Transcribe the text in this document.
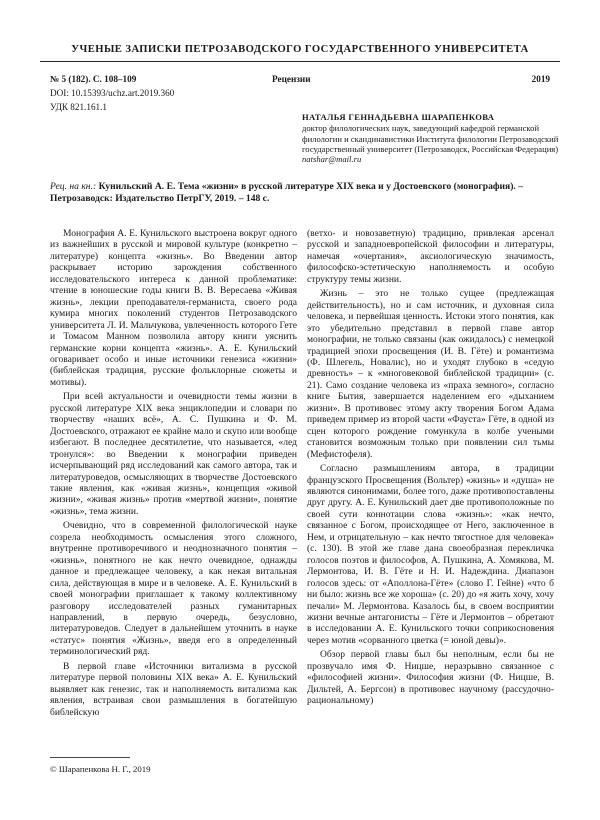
УЧЕНЫЕ ЗАПИСКИ ПЕТРОЗАВОДСКОГО ГОСУДАРСТВЕННОГО УНИВЕРСИТЕТА
№ 5 (182). С. 108–109	Рецензии	2019
DOI: 10.15393/uchz.art.2019.360
УДК 821.161.1
НАТАЛЬЯ ГЕННАДЬЕВНА ШАРАПЕНКОВА
доктор филологических наук, заведующий кафедрой германской филологии и скандинавистики Института филологии Петрозаводский государственный университет (Петрозаводск, Российская Федерация)
natshar@mail.ru
Рец. на кн.: Кунильский А. Е. Тема «жизни» в русской литературе XIX века и у Достоевского (монография). – Петрозаводск: Издательство ПетрГУ, 2019. – 148 с.

Монография А. Е. Кунильского выстроена вокруг одного из важнейших в русской и мировой культуре (конкретно – литературе) концепта «жизнь». Во Введении автор раскрывает историю зарождения собственного исследовательского интереса к данной проблематике: чтение в юношеские годы книги В. В. Вересаева «Живая жизнь», лекции преподавателя-германиста, своего рода кумира многих поколений студентов Петрозаводского университета Л. И. Мальчукова, увлеченность которого Гете и Томасом Манном позволила автору книги уяснить германские корни концепта «жизнь». А. Е. Кунильский оговаривает особо и иные источники генезиса «жизни» (библейская традиция, русские фольклорные сюжеты и мотивы).

При всей актуальности и очевидности темы жизни в русской литературе XIX века энциклопедии и словари по творчеству «наших всё», А. С. Пушкина и Ф. М. Достоевского, отражают ее крайне мало и скупо или вообще избегают. В последнее десятилетие, что называется, «лед тронулся»: во Введении к монографии приведен исчерпывающий ряд исследований как самого автора, так и литературоведов, осмысляющих в творчестве Достоевского такие явления, как «живая жизнь», концепция «живой жизни», «живая жизнь» против «мертвой жизни», понятие «жизнь», тема жизни.

Очевидно, что в современной филологической науке созрела необходимость осмысления этого сложного, внутренне противоречивого и неоднозначного понятия – «жизнь», понятного не как нечто очевидное, однажды данное и предлежащее человеку, а как некая витальная сила, действующая в мире и в человеке. А. Е. Кунильский в своей монографии приглашает к такому коллективному разговору исследователей разных гуманитарных направлений, в первую очередь, безусловно, литературоведов. Следует в дальнейшем уточнить в науке «статус» понятия «Жизнь», введя его в определенный терминологический ряд.

В первой главе «Источники витализма в русской литературе первой половины XIX века» А. Е. Кунильский выявляет как генезис, так и наполняемость витализма как явления, встраивая свои размышления в богатейшую библейскую

(ветхо- и новозаветную) традицию, привлекая арсенал русской и западноевропейской философии и литературы, намечая «очертания», аксиологическую значимость, философско-эстетическую наполняемость и особую структуру темы жизни.

Жизнь – это не только сущее (предлежащая действительность), но и сам источник, и духовная сила человека, и первейшая ценность. Истоки этого понятия, как это убедительно представил в первой главе автор монографии, не только связаны (как ожидалось) с немецкой традицией эпохи просвещения (И. В. Гёте) и романтизма (Ф. Шлегель, Новалис), но и уходят глубоко в «седую древность» – к «многовековой библейской традиции» (с. 21). Само создание человека из «праха земного», согласно книге Бытия, завершается наделением его «дыханием жизни». В противовес этому акту творения Богом Адама приведем пример из второй части «Фауста» Гёте, в одной из сцен которого рождение гомункула в колбе учеными становится возможным только при появлении сил тьмы (Мефистофеля).

Согласно размышлениям автора, в традиции французского Просвещения (Вольтер) «жизнь» и «душа» не являются синонимами, более того, даже противопоставлены друг другу. А. Е. Кунильский дает две противоположные по своей сути коннотации слова «жизнь»: «как нечто, связанное с Богом, происходящее от Него, заключенное в Нем, и отрицательную – как нечто тягостное для человека» (с. 130). В этой же главе дана своеобразная перекличка голосов поэтов и философов, А. Пушкина, А. Хомякова, М. Лермонтова, И. В. Гёте и Н. И. Надеждина. Диапазон голосов здесь: от «Аполлона-Гёте» (слово Г. Гейне) «что б ни было: жизнь все же хороша» (с. 20) до «я жить хочу, хочу печали» М. Лермонтова. Казалось бы, в своем восприятии жизни вечные антагонисты – Гёте и Лермонтов – обретают в исследовании А. Е. Кунильского точки соприкосновения через мотив «сорванного цветка (= юной девы)».

Обзор первой главы был бы неполным, если бы не прозвучало имя Ф. Ницше, неразрывно связанное с «философией жизни». Философия жизни (Ф. Ницше, В. Дильтей, А. Бергсон) в противовес научному (рассудочно-рациональному)

© Шарапенкова Н. Г., 2019
